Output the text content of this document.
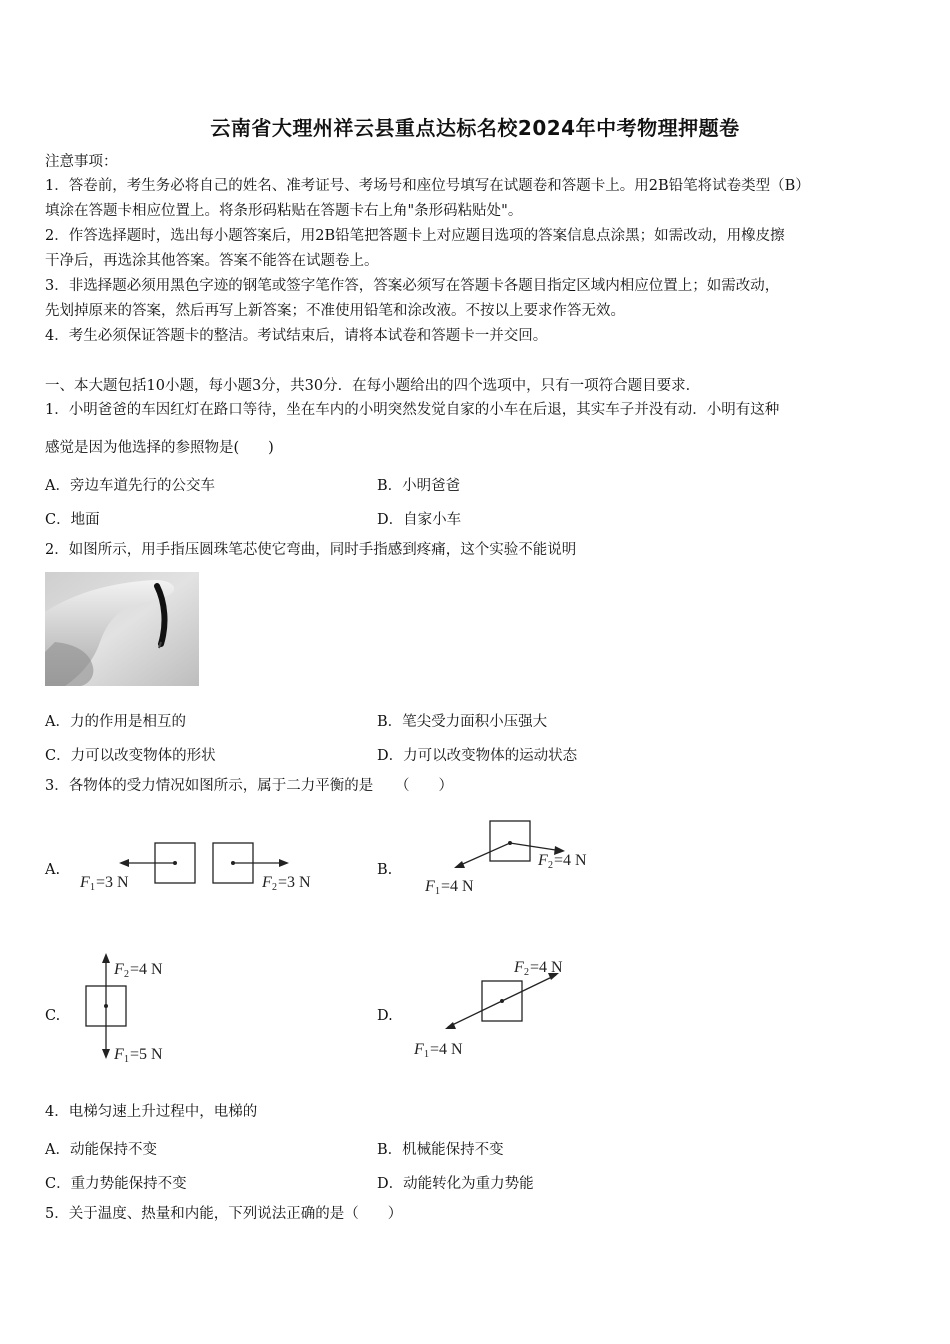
云南省大理州祥云县重点达标名校2024年中考物理押题卷
注意事项：
1．答卷前，考生务必将自己的姓名、准考证号、考场号和座位号填写在试题卷和答题卡上。用2B铅笔将试卷类型（B）
填涂在答题卡相应位置上。将条形码粘贴在答题卡右上角"条形码粘贴处"。
2．作答选择题时，选出每小题答案后，用2B铅笔把答题卡上对应题目选项的答案信息点涂黑；如需改动，用橡皮擦
干净后，再选涂其他答案。答案不能答在试题卷上。
3．非选择题必须用黑色字迹的钢笔或签字笔作答，答案必须写在答题卡各题目指定区域内相应位置上；如需改动，
先划掉原来的答案，然后再写上新答案；不准使用铅笔和涂改液。不按以上要求作答无效。
4．考生必须保证答题卡的整洁。考试结束后，请将本试卷和答题卡一并交回。
一、本大题包括10小题，每小题3分，共30分．在每小题给出的四个选项中，只有一项符合题目要求．
1．小明爸爸的车因红灯在路口等待，坐在车内的小明突然发觉自家的小车在后退，其实车子并没有动．小明有这种
感觉是因为他选择的参照物是(　　)
A．旁边车道先行的公交车	B．小明爸爸
C．地面	D．自家小车
2．如图所示，用手指压圆珠笔芯使它弯曲，同时手指感到疼痛，这个实验不能说明
A．力的作用是相互的	B．笔尖受力面积小压强大
C．力可以改变物体的形状	D．力可以改变物体的运动状态
3．各物体的受力情况如图所示，属于二力平衡的是　　（　　）
A.
F 1 =3 N	F 2 =3 N
B.
F 2 =4 N
F 1 =4 N
C.
F 2 =4 N
F 1 =5 N
D.
F 2 =4 N
F 1 =4 N
4．电梯匀速上升过程中，电梯的
A．动能保持不变	B．机械能保持不变
C．重力势能保持不变	D．动能转化为重力势能
5．关于温度、热量和内能，下列说法正确的是（　　）
